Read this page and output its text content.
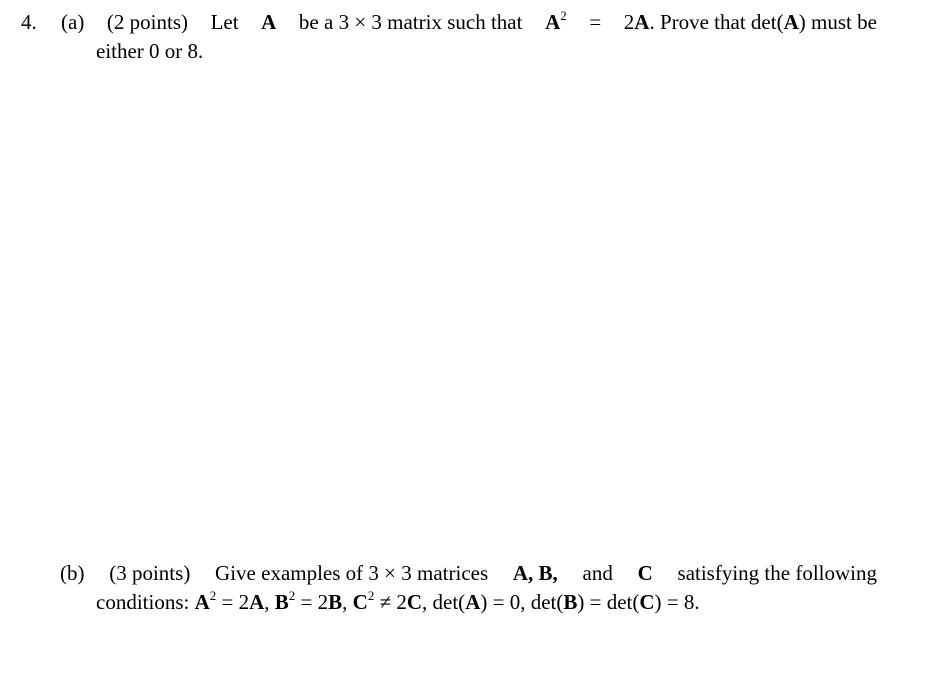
4. (a) (2 points) Let A be a 3 × 3 matrix such that $A^2 = 2A$. Prove that det(A) must be
either 0 or 8.
(b) (3 points) Give examples of 3 × 3 matrices A, B, and C satisfying the following
conditions: $A^2 = 2A$, $B^2 = 2B$, $C^2 \ne 2C$, det(A) = 0, det(B) = det(C) = 8.
